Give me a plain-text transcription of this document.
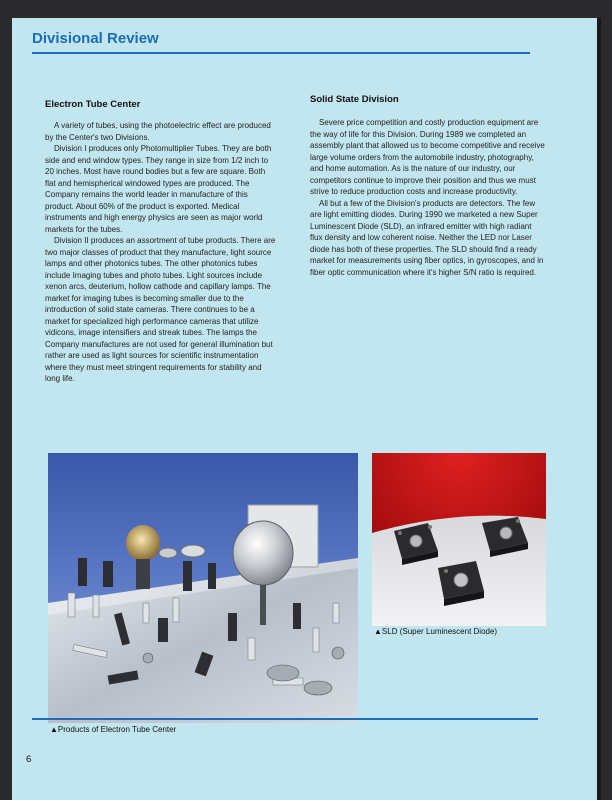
Divisional Review
Electron Tube Center

A variety of tubes, using the photoelectric effect are produced by the Center's two Divisions.

Division I produces only Photomultiplier Tubes. They are both side and end window types. They range in size from 1/2 inch to 20 inches. Most have round bodies but a few are square. Both flat and hemispherical windowed types are produced. The Company remains the world leader in manufacture of this product. About 60% of the product is exported. Medical instruments and high energy physics are seen as major world markets for the tubes.

Division II produces an assortment of tube products. There are two major classes of product that they manufacture, light source lamps and other photonics tubes. The other photonics tubes include Imaging tubes and photo tubes. Light sources include xenon arcs, deuterium, hollow cathode and capillary lamps. The market for imaging tubes is becoming smaller due to the introduction of solid state cameras. There continues to be a market for specialized high performance cameras that utilize vidicons, image intensifiers and streak tubes. The lamps the Company manufactures are not used for general illumination but rather are used as light sources for scientific instrumentation where they must meet stringent requirements for stability and long life.

Solid State Division

Severe price competition and costly production equipment are the way of life for this Division. During 1989 we completed an assembly plant that allowed us to become competitive and receive large volume orders from the automobile industry, photography, and home automation. As is the nature of our industry, our competitors continue to improve their position and thus we must strive to reduce production costs and increase productivity.

All but a few of the Division's products are detectors. The few are light emitting diodes. During 1990 we marketed a new Super Luminescent Diode (SLD), an infrared emitter with high radiant flux density and low coherent noise. Neither the LED nor Laser diode has both of these properties. The SLD should find a ready market for measurements using fiber optics, in gyroscopes, and in fiber optic communication where it's higher S/N ratio is required.

▲Products of Electron Tube Center

▲SLD (Super Luminescent Diode)

6
